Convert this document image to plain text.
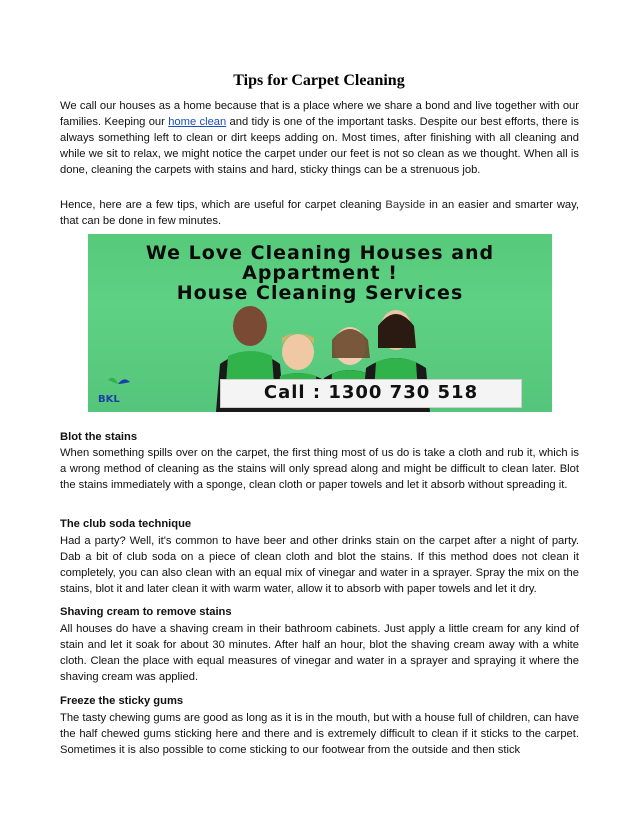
Tips for Carpet Cleaning

We call our houses as a home because that is a place where we share a bond and live together with our families. Keeping our home clean and tidy is one of the important tasks. Despite our best efforts, there is always something left to clean or dirt keeps adding on. Most times, after finishing with all cleaning and while we sit to relax, we might notice the carpet under our feet is not so clean as we thought. When all is done, cleaning the carpets with stains and hard, sticky things can be a strenuous job.

Hence, here are a few tips, which are useful for carpet cleaning Bayside in an easier and smarter way, that can be done in few minutes.

We Love Cleaning Houses and
Appartment !
House Cleaning Services
BKL	Call : 1300 730 518
Blot the stains

When something spills over on the carpet, the first thing most of us do is take a cloth and rub it, which is a wrong method of cleaning as the stains will only spread along and might be difficult to clean later. Blot the stains immediately with a sponge, clean cloth or paper towels and let it absorb without spreading it.

The club soda technique

Had a party? Well, it's common to have beer and other drinks stain on the carpet after a night of party. Dab a bit of club soda on a piece of clean cloth and blot the stains. If this method does not clean it completely, you can also clean with an equal mix of vinegar and water in a sprayer. Spray the mix on the stains, blot it and later clean it with warm water, allow it to absorb with paper towels and let it dry.

Shaving cream to remove stains

All houses do have a shaving cream in their bathroom cabinets. Just apply a little cream for any kind of stain and let it soak for about 30 minutes. After half an hour, blot the shaving cream away with a white cloth. Clean the place with equal measures of vinegar and water in a sprayer and spraying it where the shaving cream was applied.

Freeze the sticky gums

The tasty chewing gums are good as long as it is in the mouth, but with a house full of children, can have the half chewed gums sticking here and there and is extremely difficult to clean if it sticks to the carpet. Sometimes it is also possible to come sticking to our footwear from the outside and then stick
